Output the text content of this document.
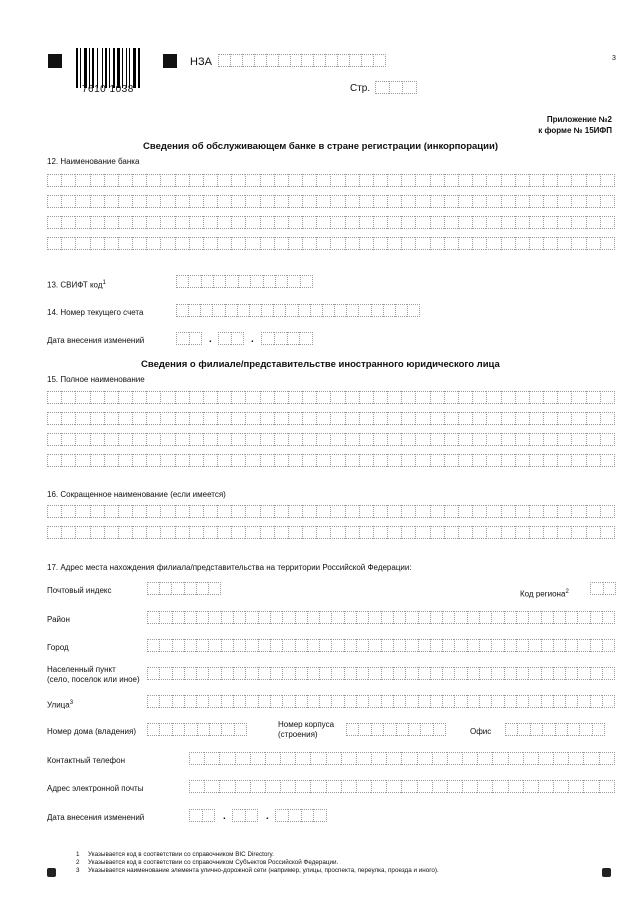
7610 1038
НЗА	3
Стр.
Приложение №2
к форме № 15ИФП
Сведения об обслуживающем банке в стране регистрации (инкорпорации)
12. Наименование банка
13. СВИФТ код$^1$
14. Номер текущего счета
Дата внесения изменений	.	.
Сведения о филиале/представительстве иностранного юридического лица
15. Полное наименование
16. Сокращенное наименование (если имеется)
17. Адрес места нахождения филиала/представительства на территории Российской Федерации:
Почтовый индекс	Код региона$^2$
Район
Город
Населенный пункт
(село, поселок или иное)
Улица$^3$
Номер дома (владения)
Номер корпуса
(строения)	Офис
Контактный телефон
Адрес электронной почты
Дата внесения изменений	.	.
1 Указывается код в соответствии со справочником BIC Directory.
2 Указывается код в соответствии со справочником Субъектов Российской Федерации.
3 Указывается наименование элемента улично-дорожной сети (например, улицы, проспекта, переулка, проезда и иного).
